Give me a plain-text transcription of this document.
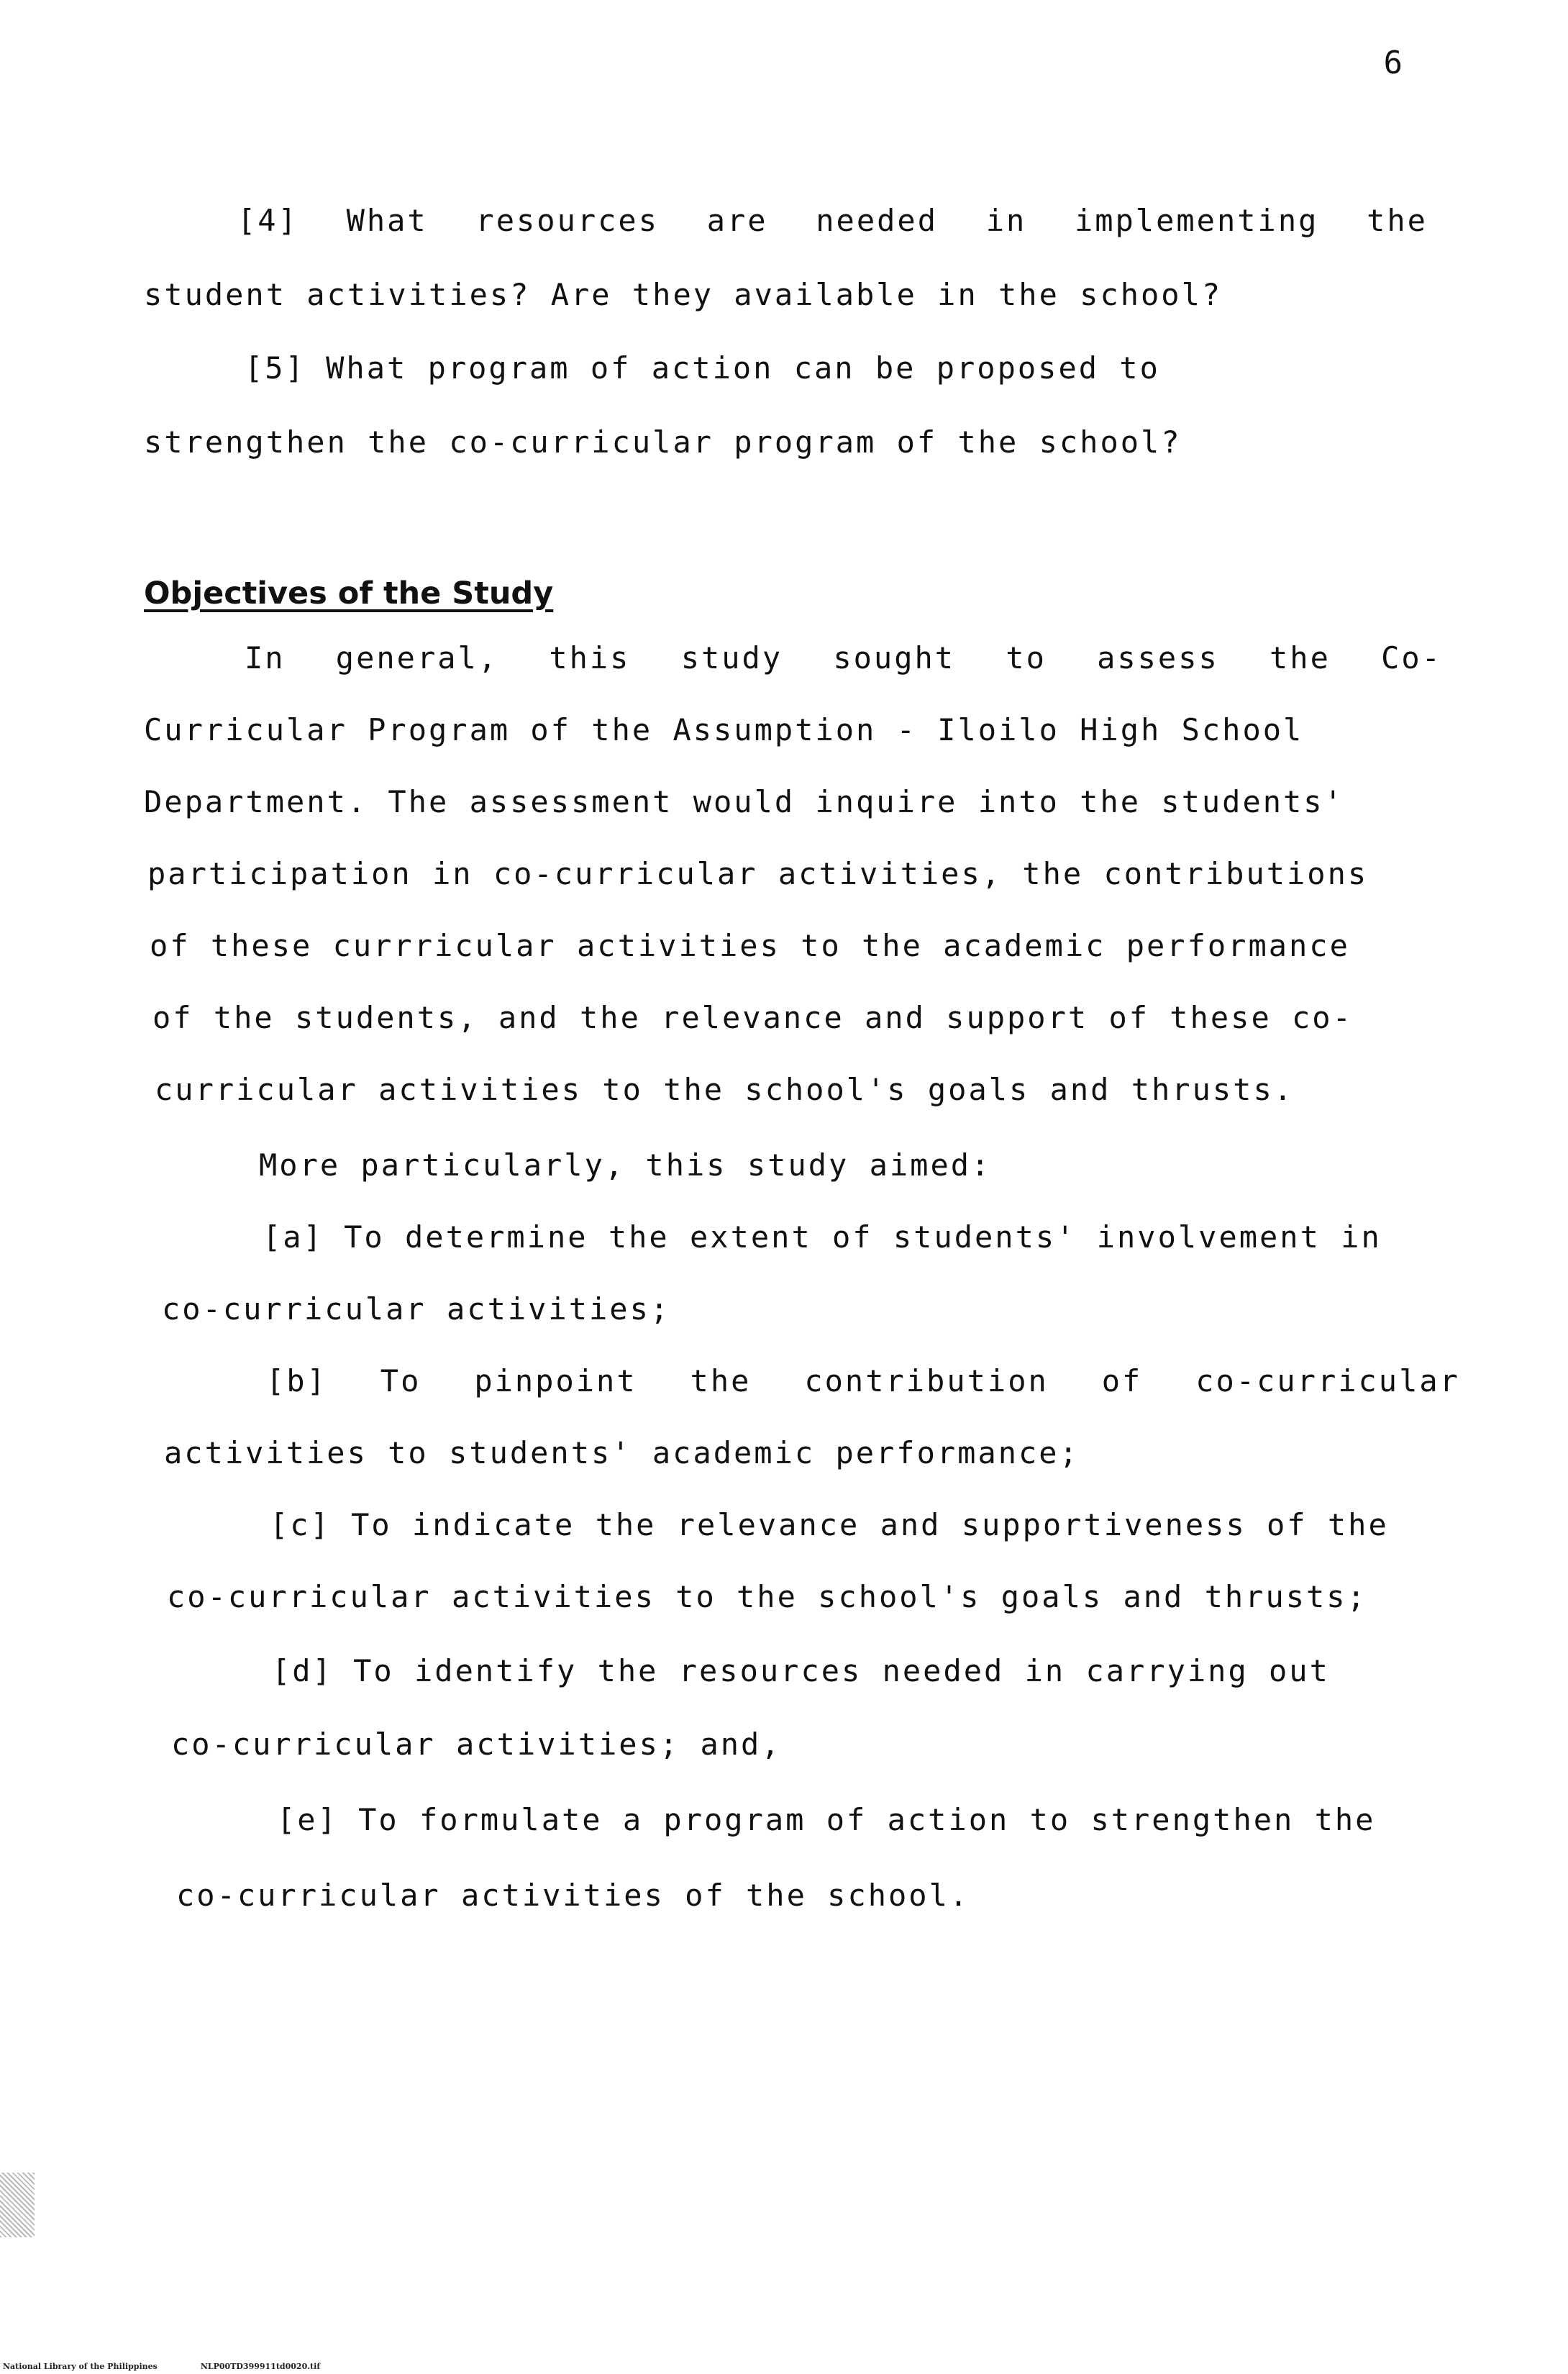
6
[4] What resources are needed in implementing the
student activities? Are they available in the school?
[5] What program of action can be proposed to
strengthen the co-curricular program of the school?
Objectives of the Study
In general, this study sought to assess the Co-
Curricular Program of the Assumption - Iloilo High School
Department. The assessment would inquire into the students'
participation in co-curricular activities, the contributions
of these currricular activities to the academic performance
of the students, and the relevance and support of these co-
curricular activities to the school's goals and thrusts.
More particularly, this study aimed:
[a] To determine the extent of students' involvement in
co-curricular activities;
[b] To pinpoint the contribution of co-curricular
activities to students' academic performance;
[c] To indicate the relevance and supportiveness of the
co-curricular activities to the school's goals and thrusts;
[d] To identify the resources needed in carrying out
co-curricular activities; and,
[e] To formulate a program of action to strengthen the
co-curricular activities of the school.
National Library of the Philippines	NLP00TD399911td0020.tif
